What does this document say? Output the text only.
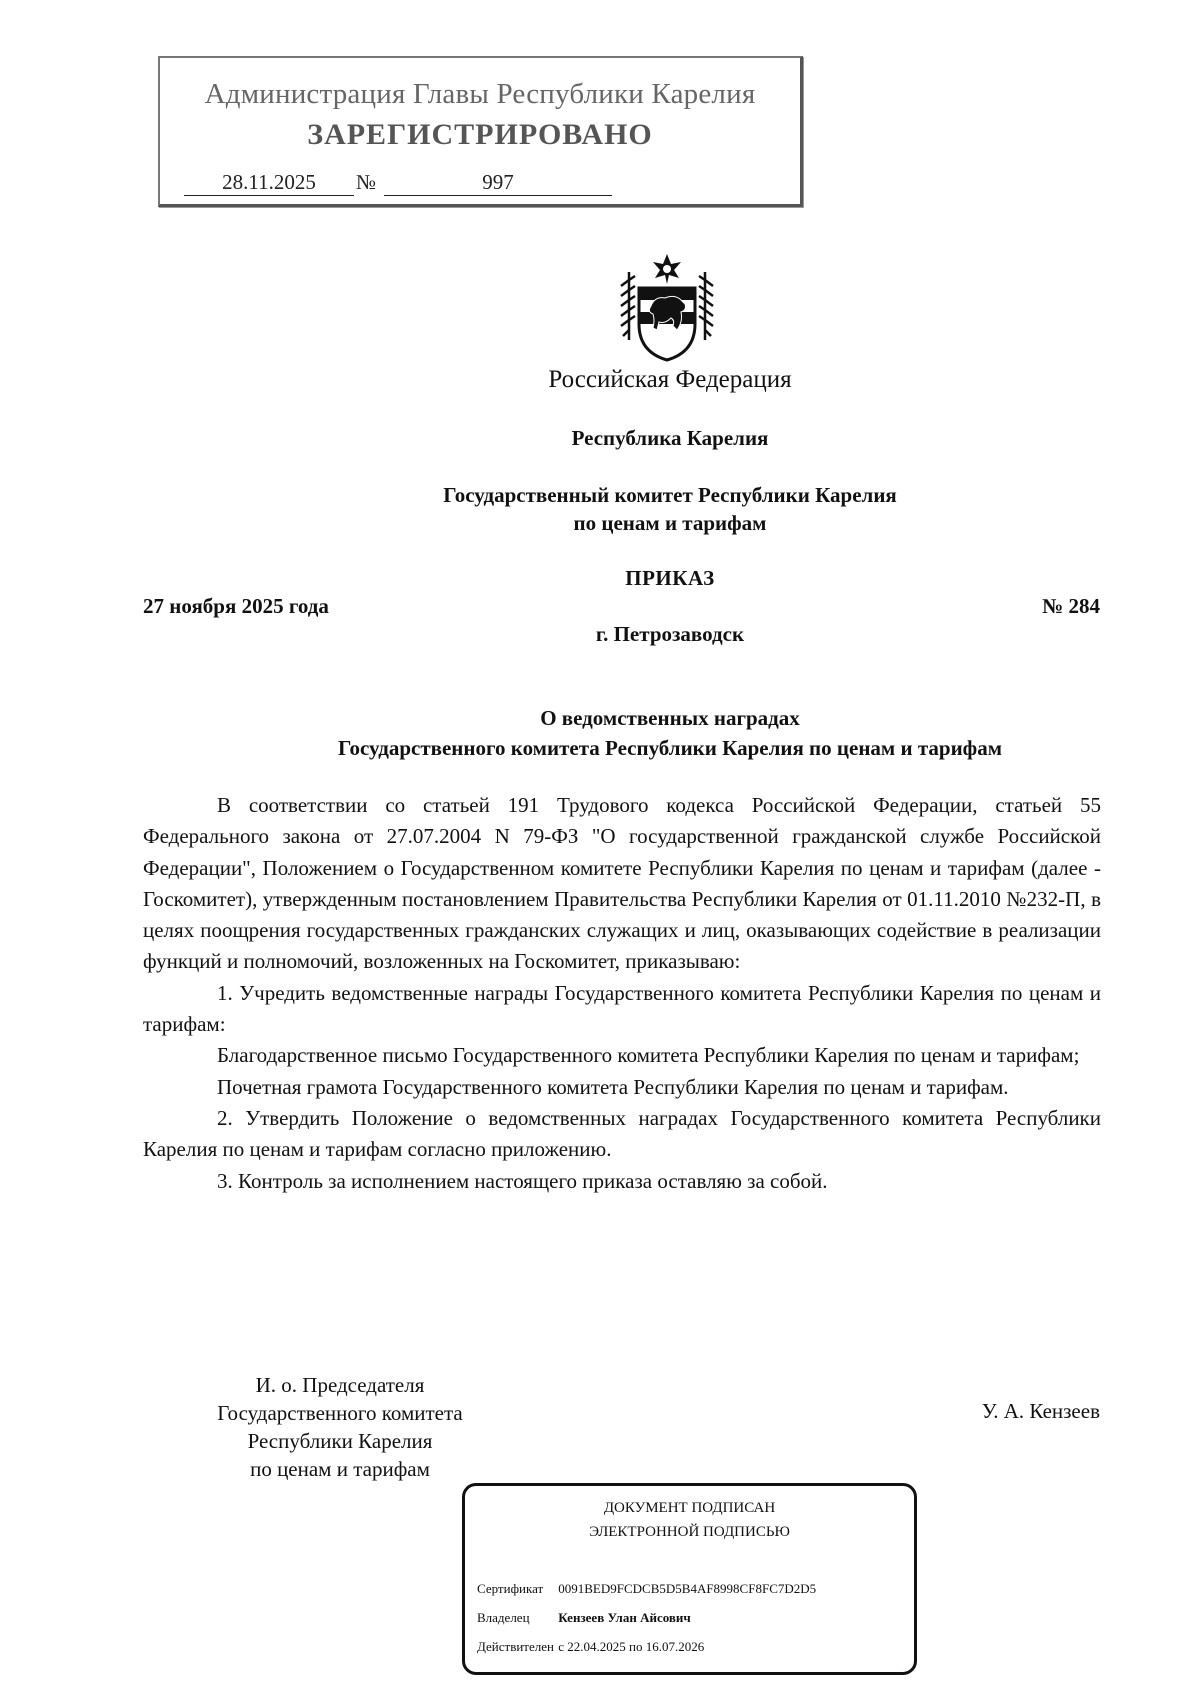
Администрация Главы Республики Карелия
ЗАРЕГИСТРИРОВАНО
28.11.2025	№	997
Российская Федерация
Республика Карелия
Государственный комитет Республики Карелия
по ценам и тарифам
ПРИКАЗ
27 ноября 2025 года	№ 284
г. Петрозаводск
О ведомственных наградах
Государственного комитета Республики Карелия по ценам и тарифам

В соответствии со статьей 191 Трудового кодекса Российской Федерации, статьей 55 Федерального закона от 27.07.2004 N 79-ФЗ "О государственной гражданской службе Российской Федерации", Положением о Государственном комитете Республики Карелия по ценам и тарифам (далее - Госкомитет), утвержденным постановлением Правительства Республики Карелия от 01.11.2010 №232-П, в целях поощрения государственных гражданских служащих и лиц, оказывающих содействие в реализации функций и полномочий, возложенных на Госкомитет, приказываю:

1. Учредить ведомственные награды Государственного комитета Республики Карелия по ценам и тарифам:

Благодарственное письмо Государственного комитета Республики Карелия по ценам и тарифам;

Почетная грамота Государственного комитета Республики Карелия по ценам и тарифам.

2. Утвердить Положение о ведомственных наградах Государственного комитета Республики Карелия по ценам и тарифам согласно приложению.

3. Контроль за исполнением настоящего приказа оставляю за собой.

И. о. Председателя
Государственного комитета
Республики Карелия
по ценам и тарифам
У. А. Кензеев
ДОКУМЕНТ ПОДПИСАН
ЭЛЕКТРОННОЙ ПОДПИСЬЮ
Сертификат 0091BED9FCDCB5D5B4AF8998CF8FC7D2D5
Владелец Кензеев Улан Айсович
Действителен с 22.04.2025 по 16.07.2026
